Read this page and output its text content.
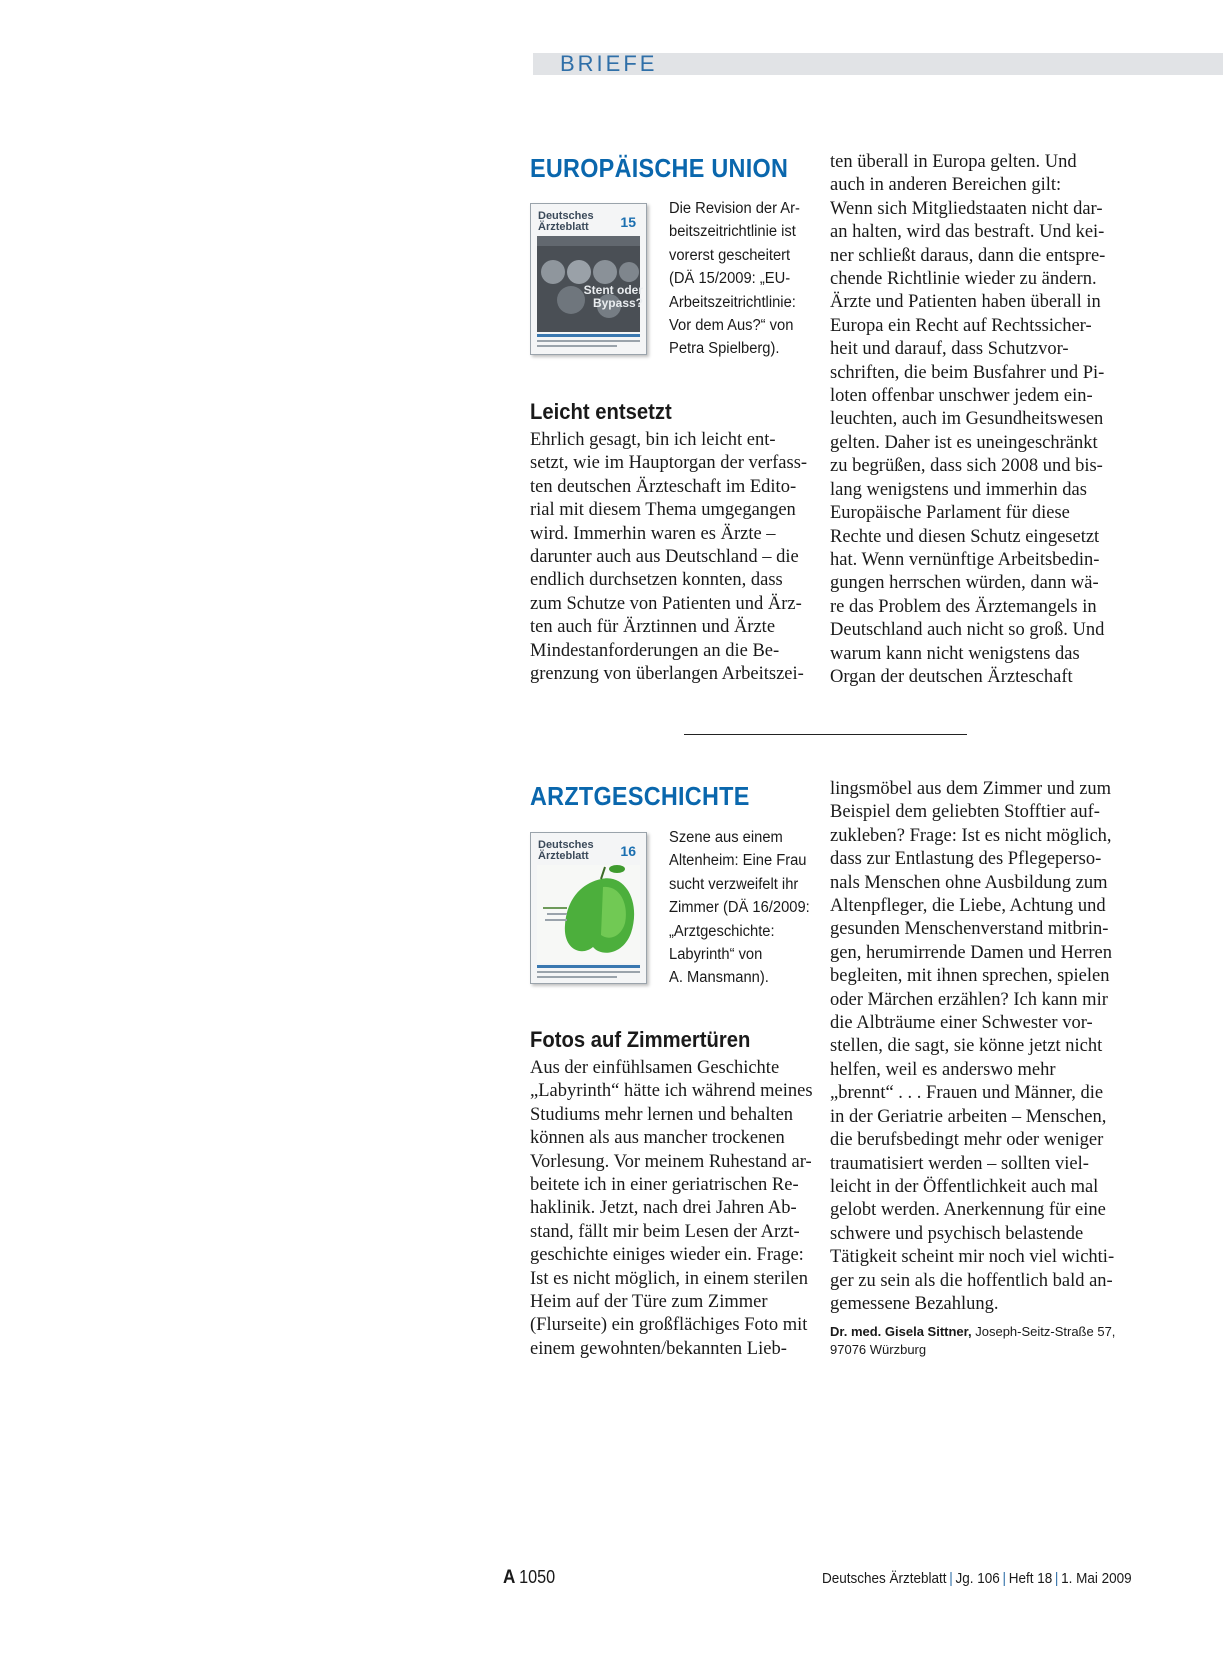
BRIEFE
EUROPÄISCHE UNION
Deutsches
Ärzteblatt	15
Stent oder
Bypass?
Die Revision der Ar-
beitszeitrichtlinie ist
vorerst gescheitert
(DÄ 15/2009: „EU-
Arbeitszeitrichtlinie:
Vor dem Aus?“ von
Petra Spielberg).
Leicht entsetzt
Ehrlich gesagt, bin ich leicht ent-
setzt, wie im Hauptorgan der verfass-
ten deutschen Ärzteschaft im Edito-
rial mit diesem Thema umgegangen
wird. Immerhin waren es Ärzte –
darunter auch aus Deutschland – die
endlich durchsetzen konnten, dass
zum Schutze von Patienten und Ärz-
ten auch für Ärztinnen und Ärzte
Mindestanforderungen an die Be-
grenzung von überlangen Arbeitszei-
ten überall in Europa gelten. Und
auch in anderen Bereichen gilt:
Wenn sich Mitgliedstaaten nicht dar-
an halten, wird das bestraft. Und kei-
ner schließt daraus, dann die entspre-
chende Richtlinie wieder zu ändern.
Ärzte und Patienten haben überall in
Europa ein Recht auf Rechtssicher-
heit und darauf, dass Schutzvor-
schriften, die beim Busfahrer und Pi-
loten offenbar unschwer jedem ein-
leuchten, auch im Gesundheitswesen
gelten. Daher ist es uneingeschränkt
zu begrüßen, dass sich 2008 und bis-
lang wenigstens und immerhin das
Europäische Parlament für diese
Rechte und diesen Schutz eingesetzt
hat. Wenn vernünftige Arbeitsbedin-
gungen herrschen würden, dann wä-
re das Problem des Ärztemangels in
Deutschland auch nicht so groß. Und
warum kann nicht wenigstens das
Organ der deutschen Ärzteschaft
ARZTGESCHICHTE
Deutsches
Ärzteblatt	16
Szene aus einem
Altenheim: Eine Frau
sucht verzweifelt ihr
Zimmer (DÄ 16/2009:
„Arztgeschichte:
Labyrinth“ von
A. Mansmann).
Fotos auf Zimmertüren
Aus der einfühlsamen Geschichte
„Labyrinth“ hätte ich während meines
Studiums mehr lernen und behalten
können als aus mancher trockenen
Vorlesung. Vor meinem Ruhestand ar-
beitete ich in einer geriatrischen Re-
haklinik. Jetzt, nach drei Jahren Ab-
stand, fällt mir beim Lesen der Arzt-
geschichte einiges wieder ein. Frage:
Ist es nicht möglich, in einem sterilen
Heim auf der Türe zum Zimmer
(Flurseite) ein großflächiges Foto mit
einem gewohnten/bekannten Lieb-
lingsmöbel aus dem Zimmer und zum
Beispiel dem geliebten Stofftier auf-
zukleben? Frage: Ist es nicht möglich,
dass zur Entlastung des Pflegeperso-
nals Menschen ohne Ausbildung zum
Altenpfleger, die Liebe, Achtung und
gesunden Menschenverstand mitbrin-
gen, herumirrende Damen und Herren
begleiten, mit ihnen sprechen, spielen
oder Märchen erzählen? Ich kann mir
die Albträume einer Schwester vor-
stellen, die sagt, sie könne jetzt nicht
helfen, weil es anderswo mehr
„brennt“ . . . Frauen und Männer, die
in der Geriatrie arbeiten – Menschen,
die berufsbedingt mehr oder weniger
traumatisiert werden – sollten viel-
leicht in der Öffentlichkeit auch mal
gelobt werden. Anerkennung für eine
schwere und psychisch belastende
Tätigkeit scheint mir noch viel wichti-
ger zu sein als die hoffentlich bald an-
gemessene Bezahlung.
Dr. med. Gisela Sittner, Joseph-Seitz-Straße 57,
97076 Würzburg
A 1050	Deutsches Ärzteblatt | Jg. 106 | Heft 18 | 1. Mai 2009
